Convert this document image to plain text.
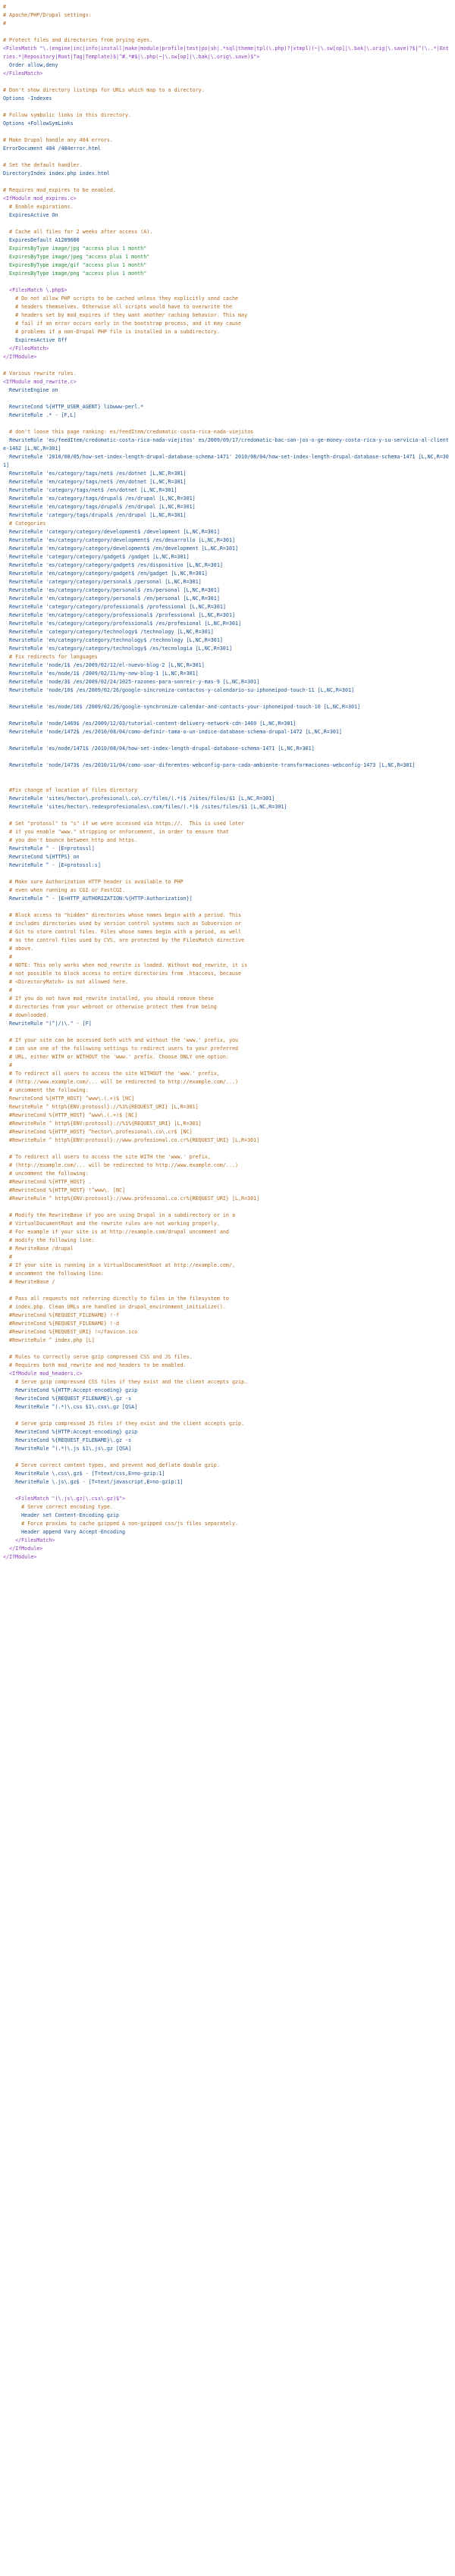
#
# Apache/PHP/Drupal settings:
#
# Protect files and directories from prying eyes.
<FilesMatch "\.(engine|inc|info|install|make|module|profile|test|po|sh|.*sql|theme|tpl(\.php)?|xtmpl)(~|\.sw[op]|\.bak|\.orig|\.save)?$|^(\..*|Entries.*|Repository|Root|Tag|Template)$|^#.*#$|\.php(~|\.sw[op]|\.bak|\.orig\.save)$">
Order allow,deny
</FilesMatch>
# Don't show directory listings for URLs which map to a directory.
Options -Indexes
# Follow symbolic links in this directory.
Options +FollowSymLinks
# Make Drupal handle any 404 errors.
ErrorDocument 404 /404error.html
# Set the default handler.
DirectoryIndex index.php index.html
# Requires mod_expires to be enabled.
<IfModule mod_expires.c>
# Enable expirations.
ExpiresActive On
# Cache all files for 2 weeks after access (A).
ExpiresDefault A1209600
ExpiresByType image/jpg "access plus 1 month"
ExpiresByType image/jpeg "access plus 1 month"
ExpiresByType image/gif "access plus 1 month"
ExpiresByType image/png "access plus 1 month"
<FilesMatch \.php$>
# Do not allow PHP scripts to be cached unless they explicitly send cache
# headers themselves. Otherwise all scripts would have to overwrite the
# headers set by mod_expires if they want another caching behavior. This may
# fail if an error occurs early in the bootstrap process, and it may cause
# problems if a non-Drupal PHP file is installed in a subdirectory.
ExpiresActive Off
</FilesMatch>
</IfModule>
# Various rewrite rules.
<IfModule mod_rewrite.c>
RewriteEngine on
RewriteCond %{HTTP_USER_AGENT} libwww-perl.*
RewriteRule .* - [F,L]
# don't loose this page ranking: es/feedItem/credomatic-costa-rica-nada-viejitos
RewriteRule 'es/feedItem/credomatic-costa-rica-nada-viejitos' es/2009/09/17/credomatic-bac-san-jos-o-ge-money-costa-rica-y-su-servicio-al-cliente-1462 [L,NC,R=301]
RewriteRule '2010/08/05/how-set-index-length-drupal-database-schema-1471' 2010/08/04/how-set-index-length-drupal-database-schema-1471 [L,NC,R=301]
RewriteRule 'es/category/tags/net$ /es/dotnet [L,NC,R=301]
RewriteRule 'en/category/tags/net$ /en/dotnet [L,NC,R=301]
RewriteRule 'category/tags/net$ /en/dotnet [L,NC,R=301]
RewriteRule 'es/category/tags/drupal$ /es/drupal [L,NC,R=301]
RewriteRule 'en/category/tags/drupal$ /en/drupal [L,NC,R=301]
RewriteRule 'category/tags/drupal$ /en/drupal [L,NC,R=301]
# Categories
RewriteRule 'category/category/development$ /development [L,NC,R=301]
RewriteRule 'es/category/category/development$ /es/desarrollo [L,NC,R=301]
RewriteRule 'en/category/category/development$ /en/development [L,NC,R=301]
RewriteRule 'category/category/gadget$ /gadget [L,NC,R=301]
RewriteRule 'es/category/category/gadget$ /es/dispositivo [L,NC,R=301]
RewriteRule 'en/category/category/gadget$ /en/gadget [L,NC,R=301]
RewriteRule 'category/category/personal$ /personal [L,NC,R=301]
RewriteRule 'es/category/category/personal$ /es/personal [L,NC,R=301]
RewriteRule 'en/category/category/personal$ /en/personal [L,NC,R=301]
RewriteRule 'category/category/professional$ /professional [L,NC,R=301]
RewriteRule 'en/category/category/professional$ /professional [L,NC,R=301]
RewriteRule 'es/category/category/professional$ /es/profesional [L,NC,R=301]
RewriteRule 'category/category/technology$ /technology [L,NC,R=301]
RewriteRule 'en/category/category/technology$ /technology [L,NC,R=301]
RewriteRule 'es/category/category/technology$ /es/tecnologia [L,NC,R=301]
# Fix redirects for languages
RewriteRule 'node/1$ /es/2009/02/12/el-nuevo-blog-2 [L,NC,R=301]
RewriteRule 'es/node/1$ /2009/02/11/my-new-blog-1 [L,NC,R=301]
RewriteRule 'node/3$ /es/2009/02/24/1025-razones-para-sonreir-y-mas-9 [L,NC,R=301]
RewriteRule 'node/10$ /es/2009/02/26/google-sincroniza-contactos-y-calendario-su-iphoneipod-touch-11 [L,NC,R=301]
RewriteRule 'es/node/10$ /2009/02/26/google-synchronize-calendar-and-contacts-your-iphoneipod-touch-10 [L,NC,R=301]
RewriteRule 'node/1469$ /es/2009/12/03/tutorial-content-delivery-network-cdn-1469 [L,NC,R=301]
RewriteRule 'node/1472$ /es/2010/08/04/como-definir-tama-o-un-indice-database-schema-drupal-1472 [L,NC,R=301]
RewriteRule 'es/node/1471$ /2010/08/04/how-set-index-length-drupal-database-schema-1471 [L,NC,R=301]
RewriteRule 'node/1473$ /es/2010/11/04/como-usar-diferentes-webconfig-para-cada-ambiente-transformaciones-webconfig-1473 [L,NC,R=301]
#Fix change of location of files directory
RewriteRule 'sites/hector\.profesional\.co\.cr/files/(.*)$ /sites/files/$1 [L,NC,R=301]
RewriteRule 'sites/hector\.redesprofesionales\.com/files/(.*)$ /sites/files/$1 [L,NC,R=301]
# Set "protossl" to "s" if we were accessed via https://.  This is used later
# if you enable "www." stripping or enforcement, in order to ensure that
# you don't bounce between http and https.
RewriteRule ^ - [E=protossl]
RewriteCond %{HTTPS} on
RewriteRule ^ - [E=protossl:s]
# Make sure Authorization HTTP header is available to PHP
# even when running as CGI or FastCGI.
RewriteRule ^ - [E=HTTP_AUTHORIZATION:%{HTTP:Authorization}]
# Block access to "hidden" directories whose names begin with a period. This
# includes directories used by version control systems such as Subversion or
# Git to store control files. Files whose names begin with a period, as well
# as the control files used by CVS, are protected by the FilesMatch directive
# above.
#
# NOTE: This only works when mod_rewrite is loaded. Without mod_rewrite, it is
# not possible to block access to entire directories from .htaccess, because
# <DirectoryMatch> is not allowed here.
#
# If you do not have mod_rewrite installed, you should remove these
# directories from your webroot or otherwise protect them from being
# downloaded.
RewriteRule "(^|/)\." - [F]
# If your site can be accessed both with and without the 'www.' prefix, you
# can use one of the following settings to redirect users to your preferred
# URL, either WITH or WITHOUT the 'www.' prefix. Choose ONLY one option:
#
# To redirect all users to access the site WITHOUT the 'www.' prefix,
# (http://www.example.com/... will be redirected to http://example.com/...)
# uncomment the following:
RewriteCond %{HTTP_HOST} ^www\.(.+)$ [NC]
RewriteRule ^ http%{ENV:protossl}://%1%{REQUEST_URI} [L,R=301]
#RewriteCond %{HTTP_HOST} ^www\.(.+)$ [NC]
#RewriteRule ^ http%{ENV:protossl}://%1%{REQUEST_URI} [L,R=301]
#RewriteCond %{HTTP_HOST} ^hector\.profesional\.co\.cr$ [NC]
#RewriteRule ^ http%{ENV:protossl}://www.profesional.co.cr%{REQUEST_URI} [L,R=301]
# To redirect all users to access the site WITH the 'www.' prefix,
# (http://example.com/... will be redirected to http://www.example.com/...)
# uncomment the following:
#RewriteCond %{HTTP_HOST} .
#RewriteCond %{HTTP_HOST} !^www\. [NC]
#RewriteRule ^ http%{ENV:protossl}://www.profesional.co.cr%{REQUEST_URI} [L,R=301]
# Modify the RewriteBase if you are using Drupal in a subdirectory or in a
# VirtualDocumentRoot and the rewrite rules are not working properly.
# For example if your site is at http://example.com/drupal uncomment and
# modify the following line:
# RewriteBase /drupal
#
# If your site is running in a VirtualDocumentRoot at http://example.com/,
# uncomment the following line:
# RewriteBase /
# Pass all requests not referring directly to files in the filesystem to
# index.php. Clean URLs are handled in drupal_environment_initialize().
#RewriteCond %{REQUEST_FILENAME} !-f
#RewriteCond %{REQUEST_FILENAME} !-d
#RewriteCond %{REQUEST_URI} !=/favicon.ico
#RewriteRule ^ index.php [L]
# Rules to correctly serve gzip compressed CSS and JS files.
# Requires both mod_rewrite and mod_headers to be enabled.
<IfModule mod_headers.c>
# Serve gzip compressed CSS files if they exist and the client accepts gzip.
RewriteCond %{HTTP:Accept-encoding} gzip
RewriteCond %{REQUEST_FILENAME}\.gz -s
RewriteRule ^(.*)\.css $1\.css\.gz [QSA]
# Serve gzip compressed JS files if they exist and the client accepts gzip.
RewriteCond %{HTTP:Accept-encoding} gzip
RewriteCond %{REQUEST_FILENAME}\.gz -s
RewriteRule ^(.*)\.js $1\.js\.gz [QSA]
# Serve correct content types, and prevent mod_deflate double gzip.
RewriteRule \.css\.gz$ - [T=text/css,E=no-gzip:1]
RewriteRule \.js\.gz$ - [T=text/javascript,E=no-gzip:1]
<FilesMatch "(\.js\.gz|\.css\.gz)$">
# Serve correct encoding type.
Header set Content-Encoding gzip
# Force proxies to cache gzipped & non-gzipped css/js files separately.
Header append Vary Accept-Encoding
</FilesMatch>
</IfModule>
</IfModule>
